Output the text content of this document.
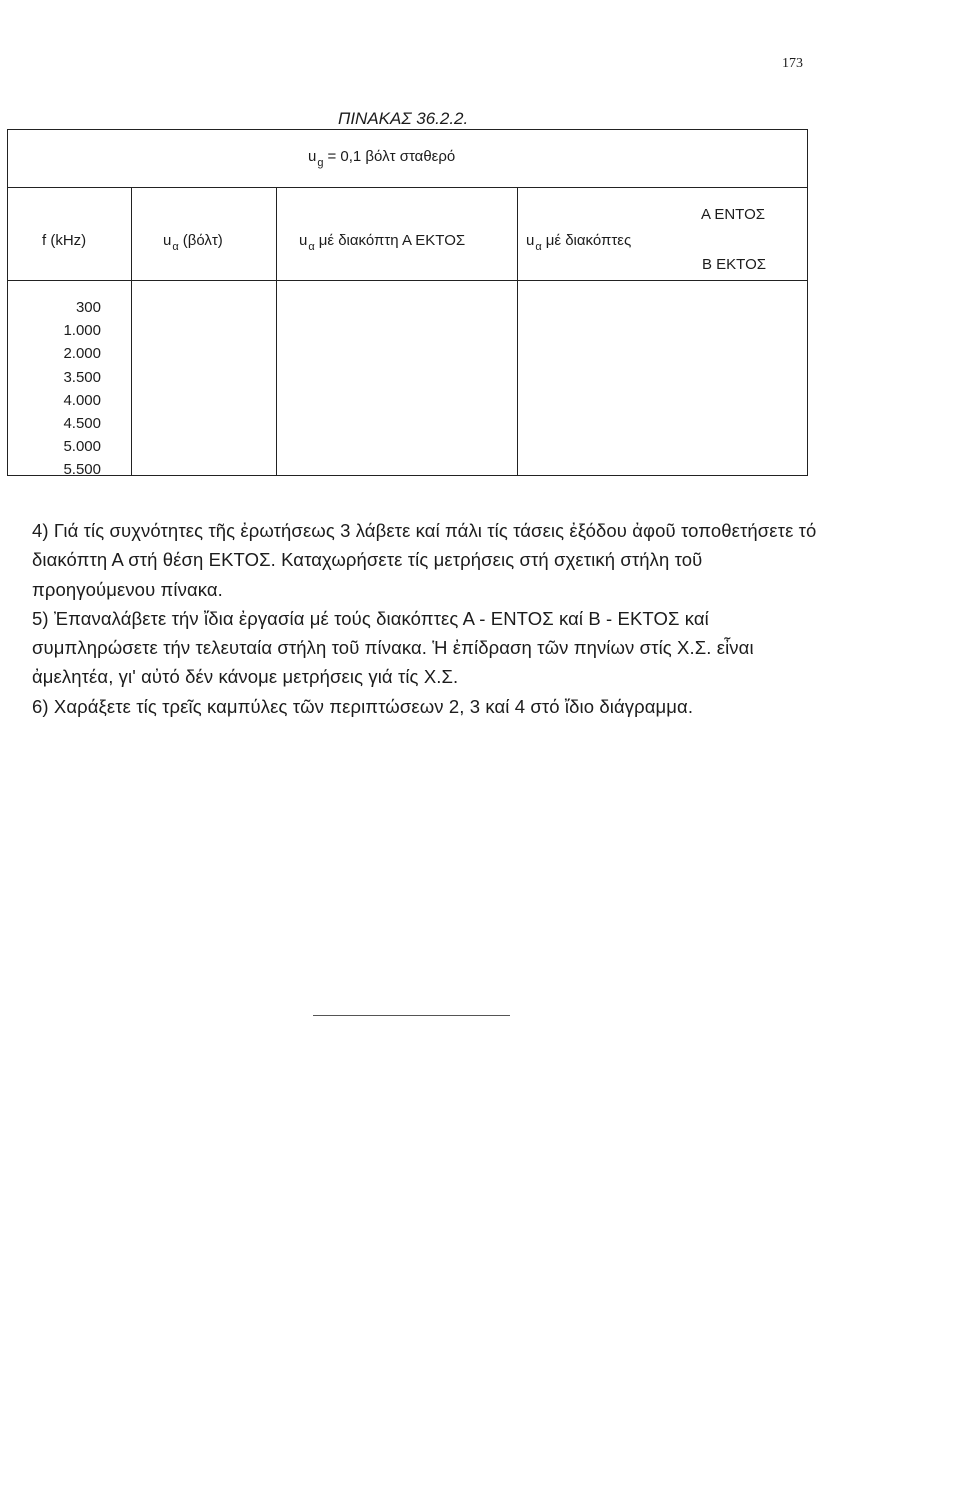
173
ΠΙΝΑΚΑΣ 36.2.2.
$u_g = 0,1$ βόλτ σταθερό
f (kHz)	$u_\alpha$ (βόλτ)	$u_\alpha$ μέ διακόπτη Α ΕΚΤΟΣ	$u_\alpha$ μέ διακόπτες
Α ΕΝΤΟΣ
Β ΕΚΤΟΣ
300
1.000
2.000
3.500
4.000
4.500
5.000
5.500

4) Γιά τίς συχνότητες τῆς ἐρωτήσεως 3 λάβετε καί πάλι τίς τάσεις ἐξόδου ἀφοῦ τοποθετήσετε τό διακόπτη Α στή θέση ΕΚΤΟΣ. Καταχωρήσετε τίς μετρήσεις στή σχετική στήλη τοῦ προηγούμενου πίνακα.

5) Ἐπαναλάβετε τήν ἴδια ἐργασία μέ τούς διακόπτες Α - ΕΝΤΟΣ καί Β - ΕΚΤΟΣ καί συμπληρώσετε τήν τελευταία στήλη τοῦ πίνακα. Ἡ ἐπίδραση τῶν πηνίων στίς Χ.Σ. εἶναι ἀμελητέα, γι' αὐτό δέν κάνομε μετρήσεις γιά τίς Χ.Σ.

6) Χαράξετε τίς τρεῖς καμπύλες τῶν περιπτώσεων 2, 3 καί 4 στό ἴδιο διάγραμμα.
